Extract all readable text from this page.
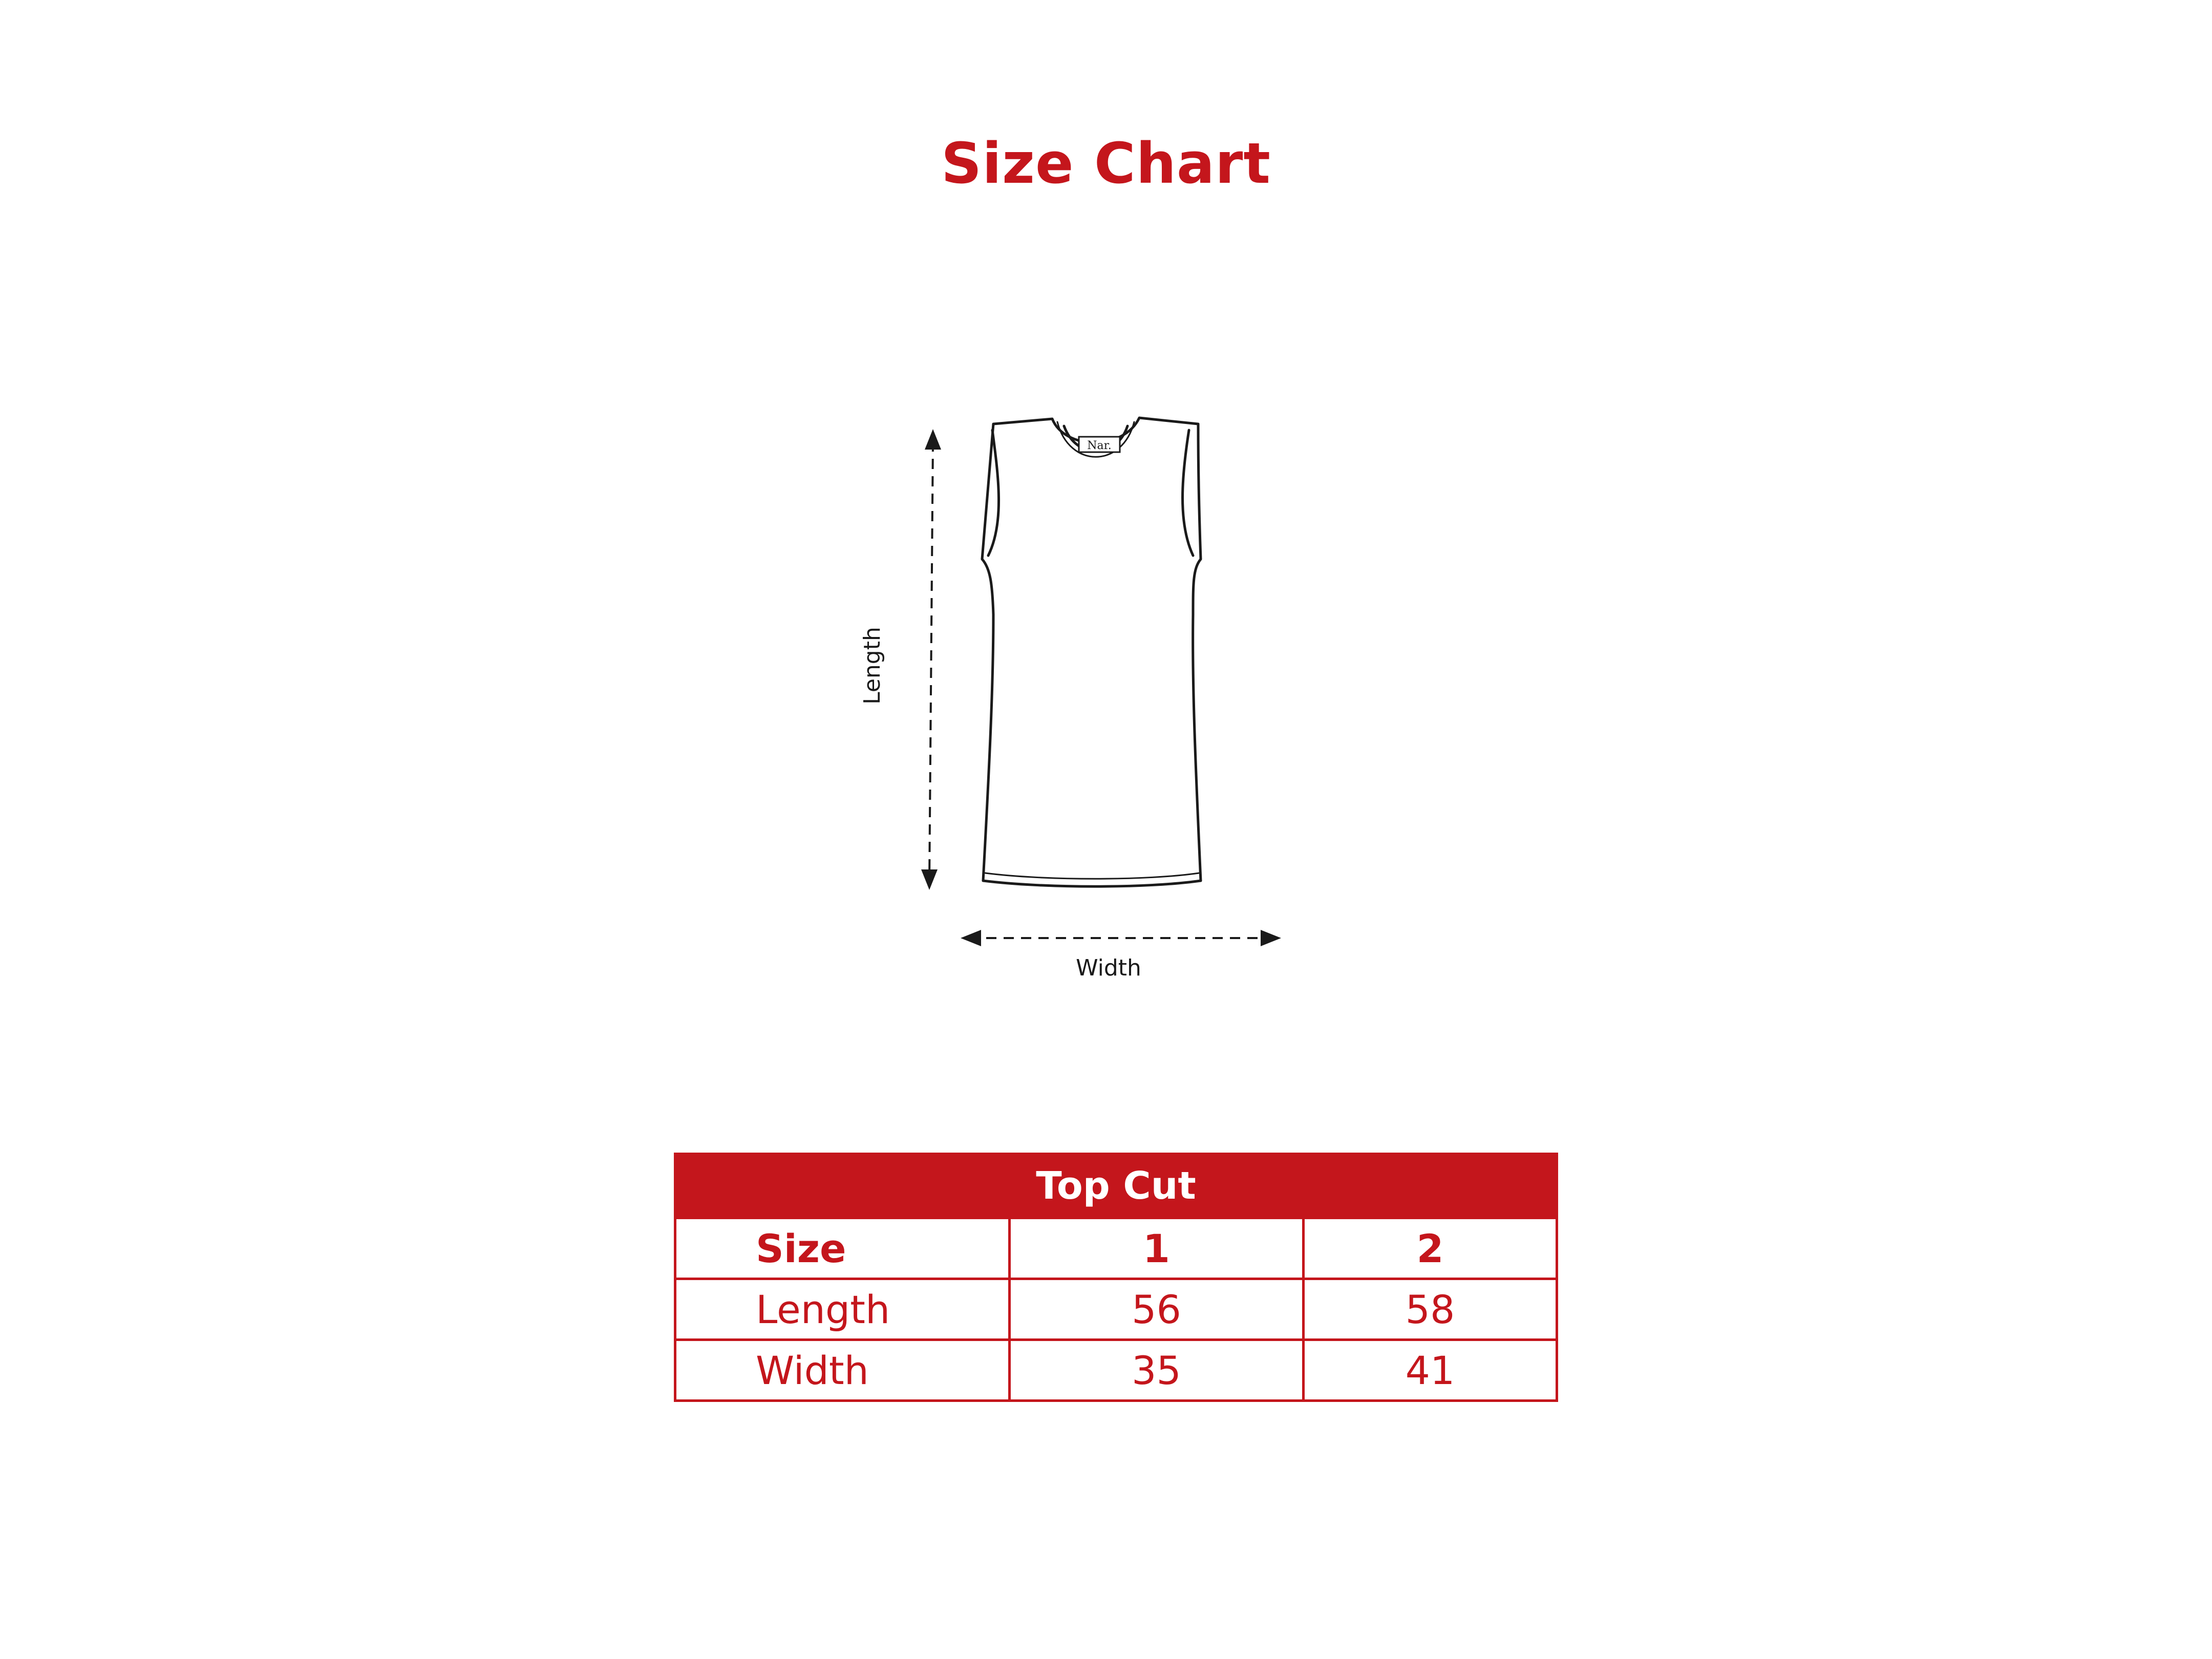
Size Chart
Length
Nar.
Width
Top Cut		
Size	1	2
Length	56	58
Width	35	41
